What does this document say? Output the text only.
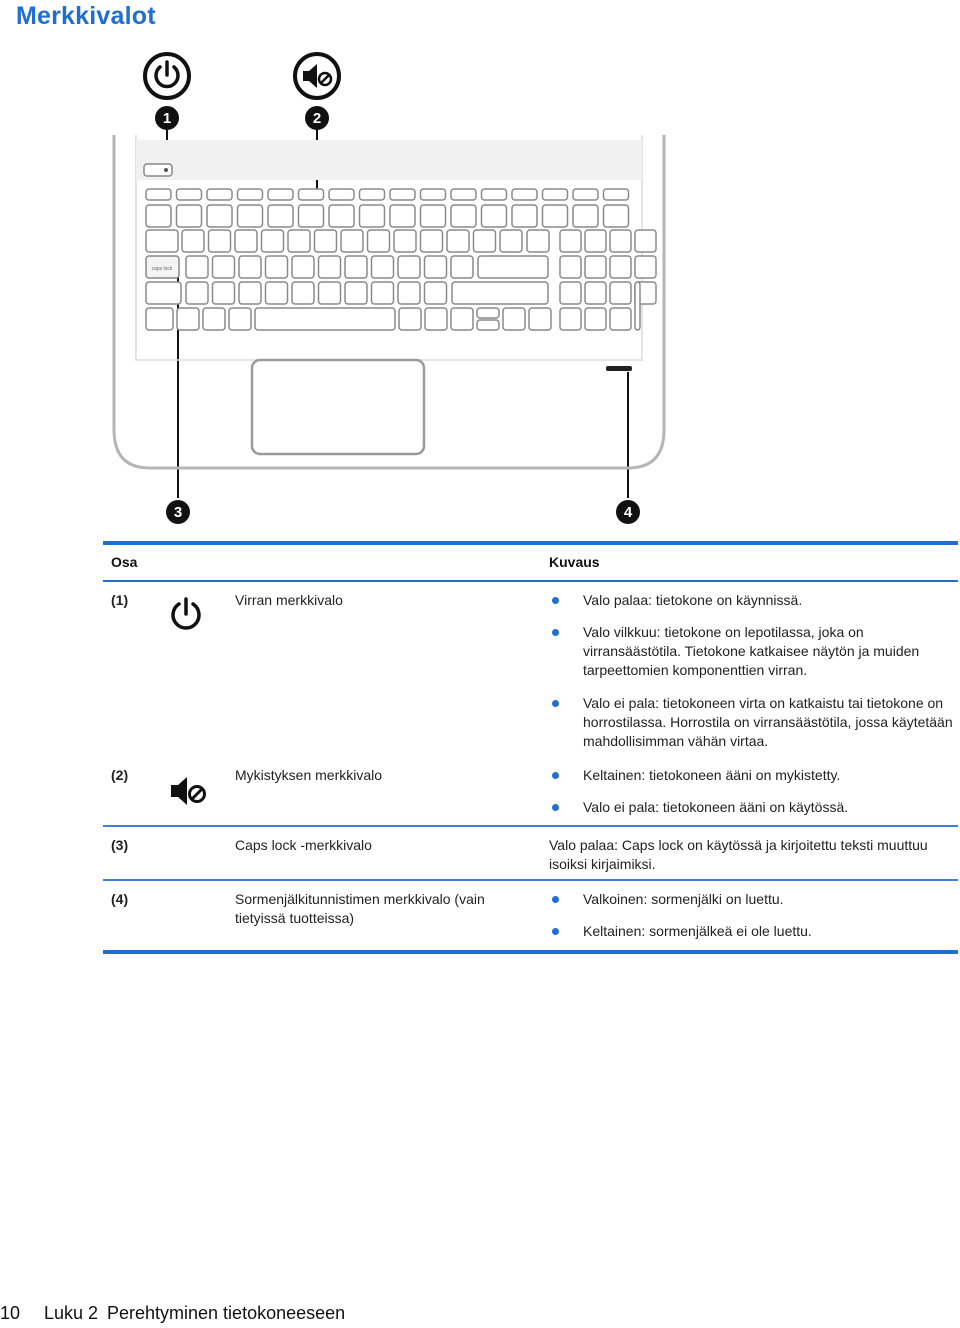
Merkkivalot
1	2
3	4
caps lock
Osa	Kuvaus
(1)	Virran merkkivalo	Valo palaa: tietokone on käynnissä.
Valo vilkkuu: tietokone on lepotilassa, joka on virransäästötila. Tietokone katkaisee näytön ja muiden tarpeettomien komponenttien virran.
Valo ei pala: tietokoneen virta on katkaistu tai tietokone on horrostilassa. Horrostila on virransäästötila, jossa käytetään mahdollisimman vähän virtaa.
(2)	Mykistyksen merkkivalo	Keltainen: tietokoneen ääni on mykistetty.
Valo ei pala: tietokoneen ääni on käytössä.
(3)	Caps lock -merkkivalo	Valo palaa: Caps lock on käytössä ja kirjoitettu teksti muuttuu isoiksi kirjaimiksi.
(4)	Sormenjälkitunnistimen merkkivalo (vain tietyissä tuotteissa)
Valkoinen: sormenjälki on luettu.
Keltainen: sormenjälkeä ei ole luettu.
10 Luku 2 Perehtyminen tietokoneeseen
